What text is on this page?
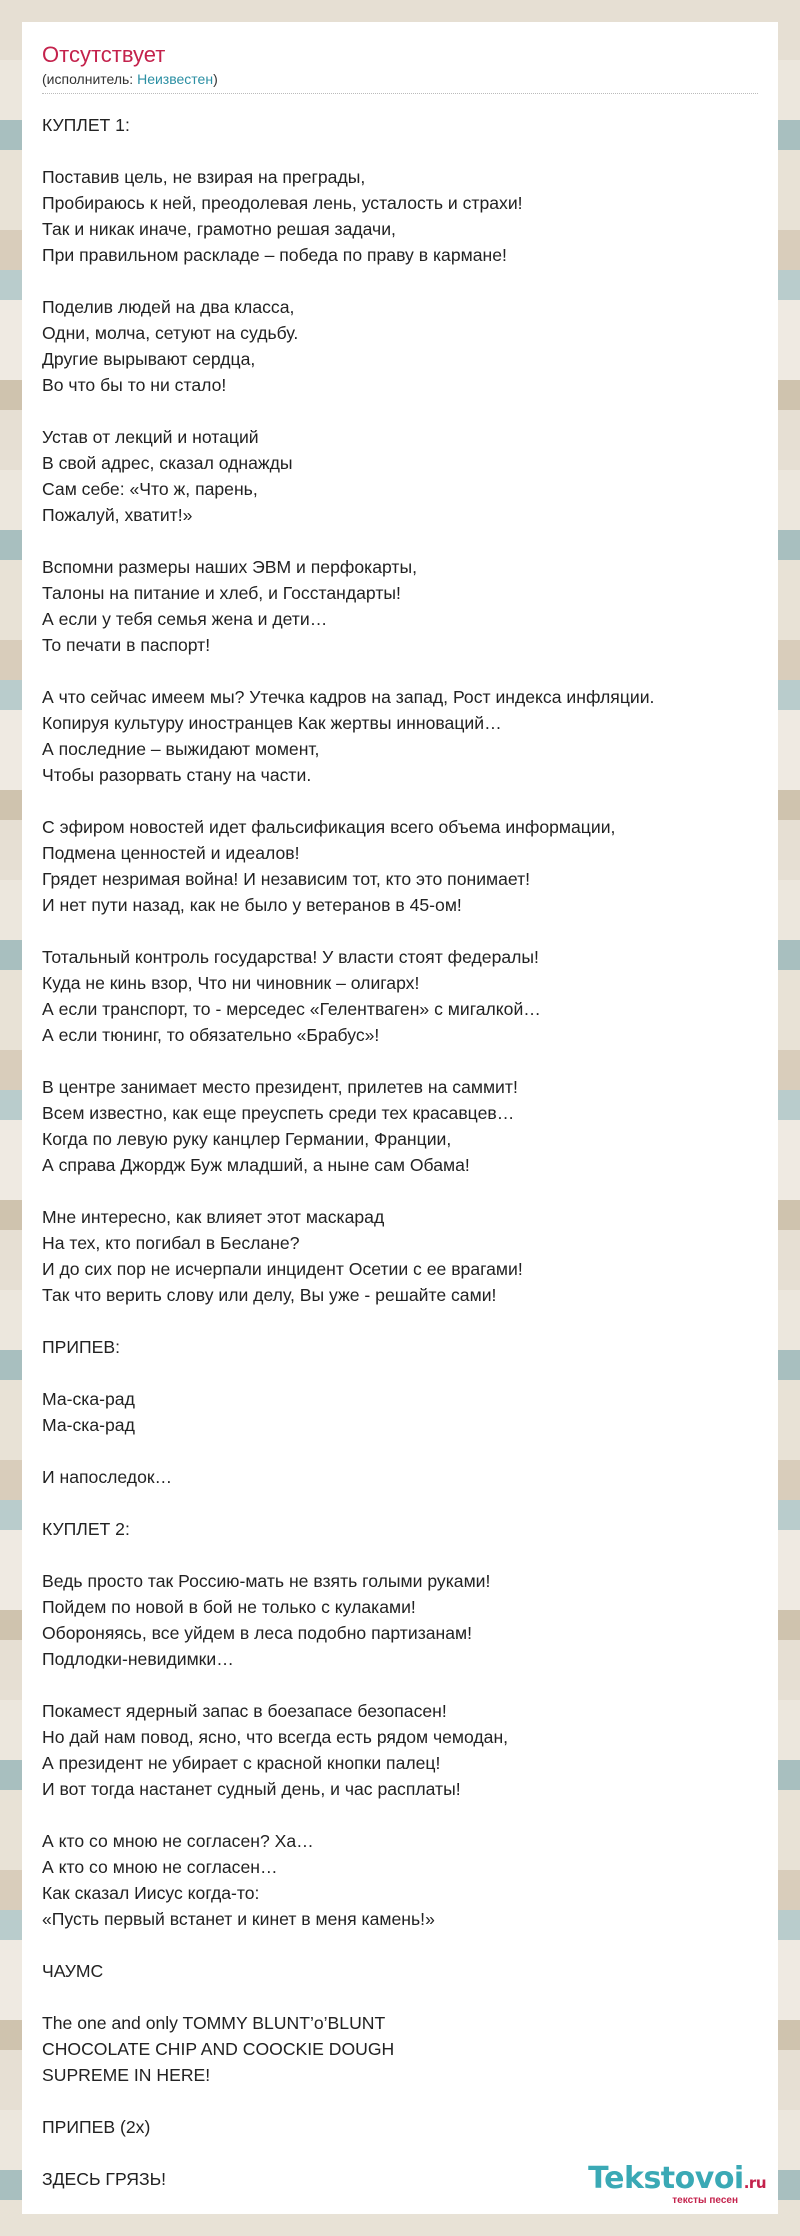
Отсутствует
(исполнитель: Неизвестен)
КУПЛЕТ 1:

Поставив цель, не взирая на преграды,
Пробираюсь к ней, преодолевая лень, усталость и страхи!
Так и никак иначе, грамотно решая задачи,
При правильном раскладе – победа по праву в кармане!

Поделив людей на два класса,
Одни, молча, сетуют на судьбу.
Другие вырывают сердца,
Во что бы то ни стало!

Устав от лекций и нотаций
В свой адрес, сказал однажды
Сам себе: «Что ж, парень,
Пожалуй, хватит!»

Вспомни размеры наших ЭВМ и перфокарты,
Талоны на питание и хлеб, и Госстандарты!
А если у тебя семья жена и дети…
То печати в паспорт!

А что сейчас имеем мы? Утечка кадров на запад, Рост индекса инфляции.
Копируя культуру иностранцев Как жертвы инноваций…
А последние – выжидают момент,
Чтобы разорвать стану на части.

С эфиром новостей идет фальсификация всего объема информации,
Подмена ценностей и идеалов!
Грядет незримая война! И независим тот, кто это понимает!
И нет пути назад, как не было у ветеранов в 45-ом!

Тотальный контроль государства! У власти стоят федералы!
Куда не кинь взор, Что ни чиновник – олигарх!
А если транспорт, то - мерседес «Гелентваген» с мигалкой…
А если тюнинг, то обязательно «Брабус»!

В центре занимает место президент, прилетев на саммит!
Всем известно, как еще преуспеть среди тех красавцев…
Когда по левую руку канцлер Германии, Франции,
А справа Джордж Буж младший, а ныне сам Обама!

Мне интересно, как влияет этот маскарад
На тех, кто погибал в Беслане?
И до сих пор не исчерпали инцидент Осетии с ее врагами!
Так что верить слову или делу, Вы уже - решайте сами!

ПРИПЕВ:

Ма-ска-рад
Ма-ска-рад

И напоследок…

КУПЛЕТ 2:

Ведь просто так Россию-мать не взять голыми руками!
Пойдем по новой в бой не только с кулаками!
Обороняясь, все уйдем в леса подобно партизанам!
Подлодки-невидимки…

Покамест ядерный запас в боезапасе безопасен!
Но дай нам повод, ясно, что всегда есть рядом чемодан,
А президент не убирает с красной кнопки палец!
И вот тогда настанет судный день, и час расплаты!

А кто со мною не согласен? Ха…
А кто со мною не согласен…
Как сказал Иисус когда-то:
«Пусть первый встанет и кинет в меня камень!»

ЧАУМС

The one and only TOMMY BLUNT’o’BLUNT
CHOCOLATE CHIP AND COOCKIE DOUGH
SUPREME IN HERE!

ПРИПЕВ (2x)

ЗДЕСЬ ГРЯЗЬ!	Tekstovoi.ru
тексты песен
